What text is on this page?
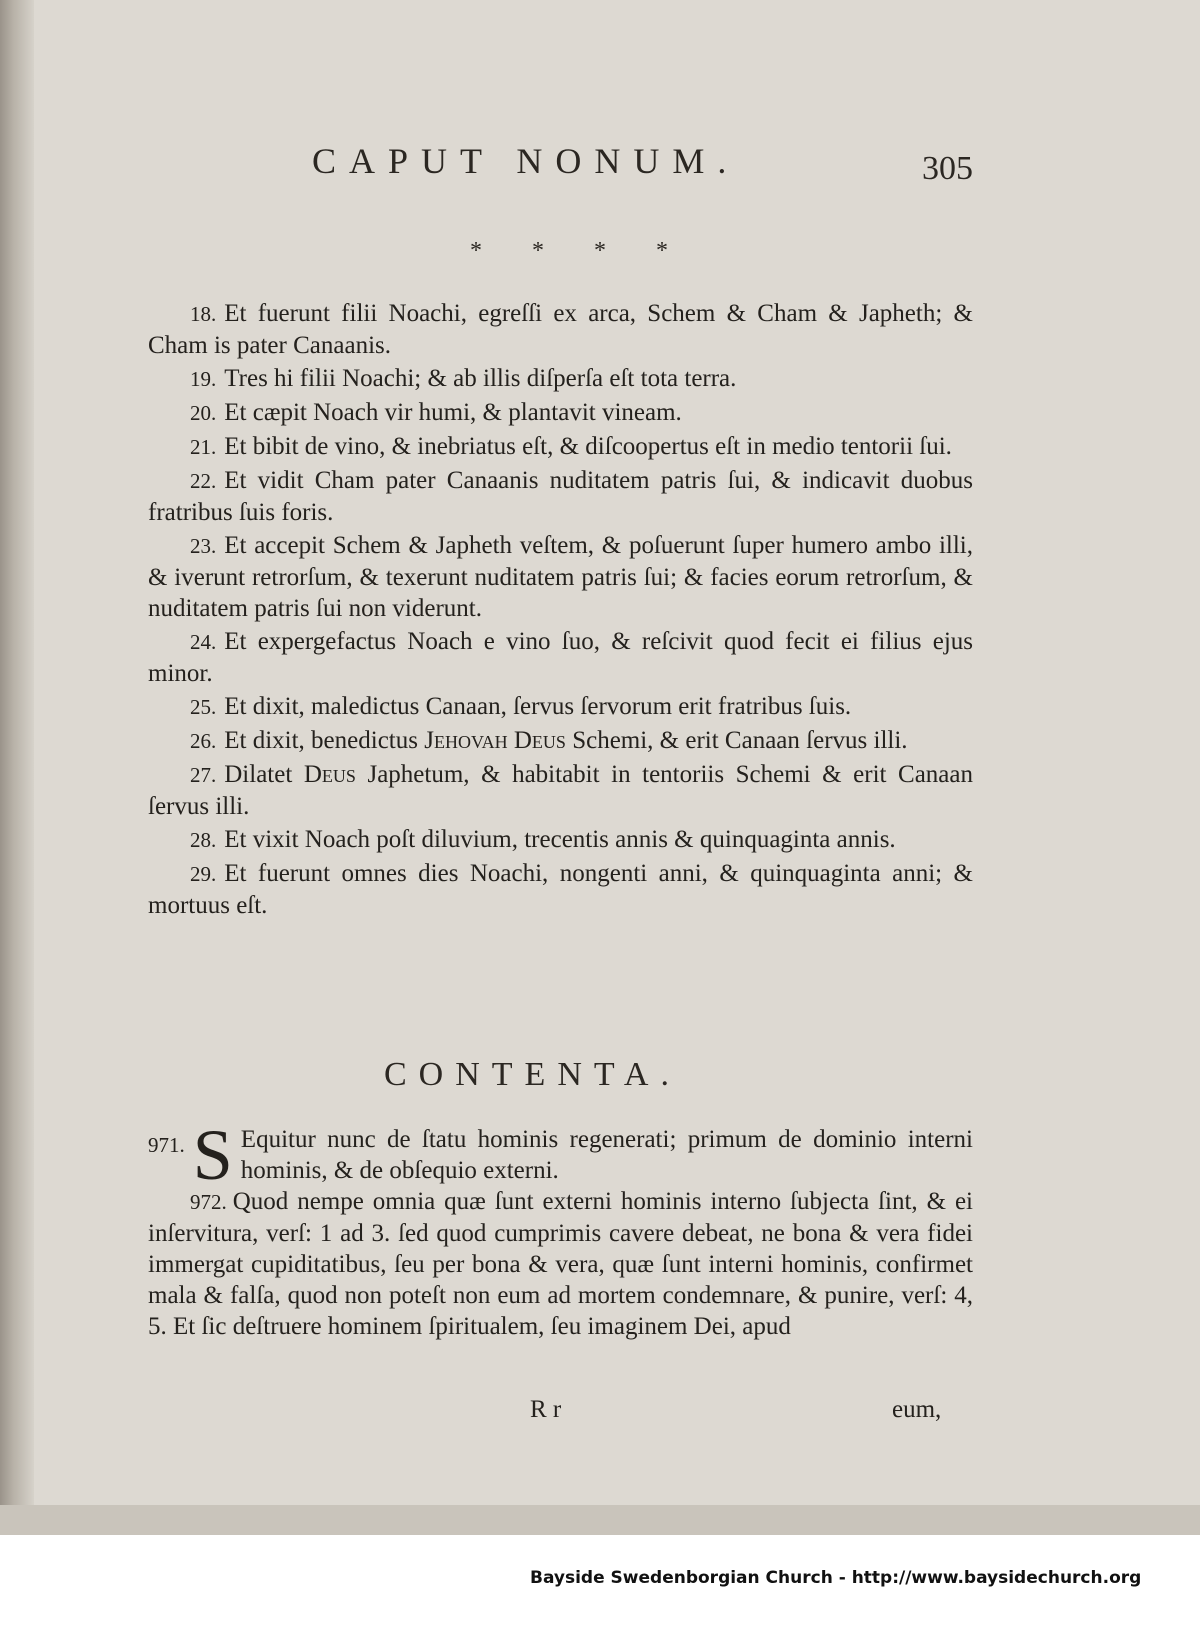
CAPUT NONUM.	305
* * * *
18. Et fuerunt filii Noachi, egreſſi ex arca, Schem & Cham & Japheth; & Cham is pater Canaanis.
19. Tres hi filii Noachi; & ab illis diſperſa eſt tota terra.
20. Et cæpit Noach vir humi, & plantavit vineam.
21. Et bibit de vino, & inebriatus eſt, & diſcoopertus eſt in medio tentorii ſui.
22. Et vidit Cham pater Canaanis nuditatem patris ſui, & indicavit duobus fratribus ſuis foris.
23. Et accepit Schem & Japheth veſtem, & poſuerunt ſuper humero ambo illi, & iverunt retrorſum, & texerunt nuditatem patris ſui; & facies eorum retrorſum, & nuditatem patris ſui non viderunt.
24. Et expergefactus Noach e vino ſuo, & reſcivit quod fecit ei filius ejus minor.
25. Et dixit, maledictus Canaan, ſervus ſervorum erit fratribus ſuis.
26. Et dixit, benedictus Jehovah Deus Schemi, & erit Canaan ſervus illi.
27. Dilatet Deus Japhetum, & habitabit in tentoriis Schemi & erit Canaan ſervus illi.
28. Et vixit Noach poſt diluvium, trecentis annis & quinquaginta annis.
29. Et fuerunt omnes dies Noachi, nongenti anni, & quinquaginta anni; & mortuus eſt.
CONTENTA.

971. S Equitur nunc de ſtatu hominis regenerati; primum de dominio interni hominis, & de obſequio externi.

972. Quod nempe omnia quæ ſunt externi hominis interno ſubjecta ſint, & ei inſervitura, verſ: 1 ad 3. ſed quod cumprimis cavere debeat, ne bona & vera fidei immergat cupiditatibus, ſeu per bona & vera, quæ ſunt interni hominis, confirmet mala & falſa, quod non poteſt non eum ad mortem condemnare, & punire, verſ: 4, 5. Et ſic deſtruere hominem ſpiritualem, ſeu imaginem Dei, apud

R r	eum,
Bayside Swedenborgian Church - http://www.baysidechurch.org
